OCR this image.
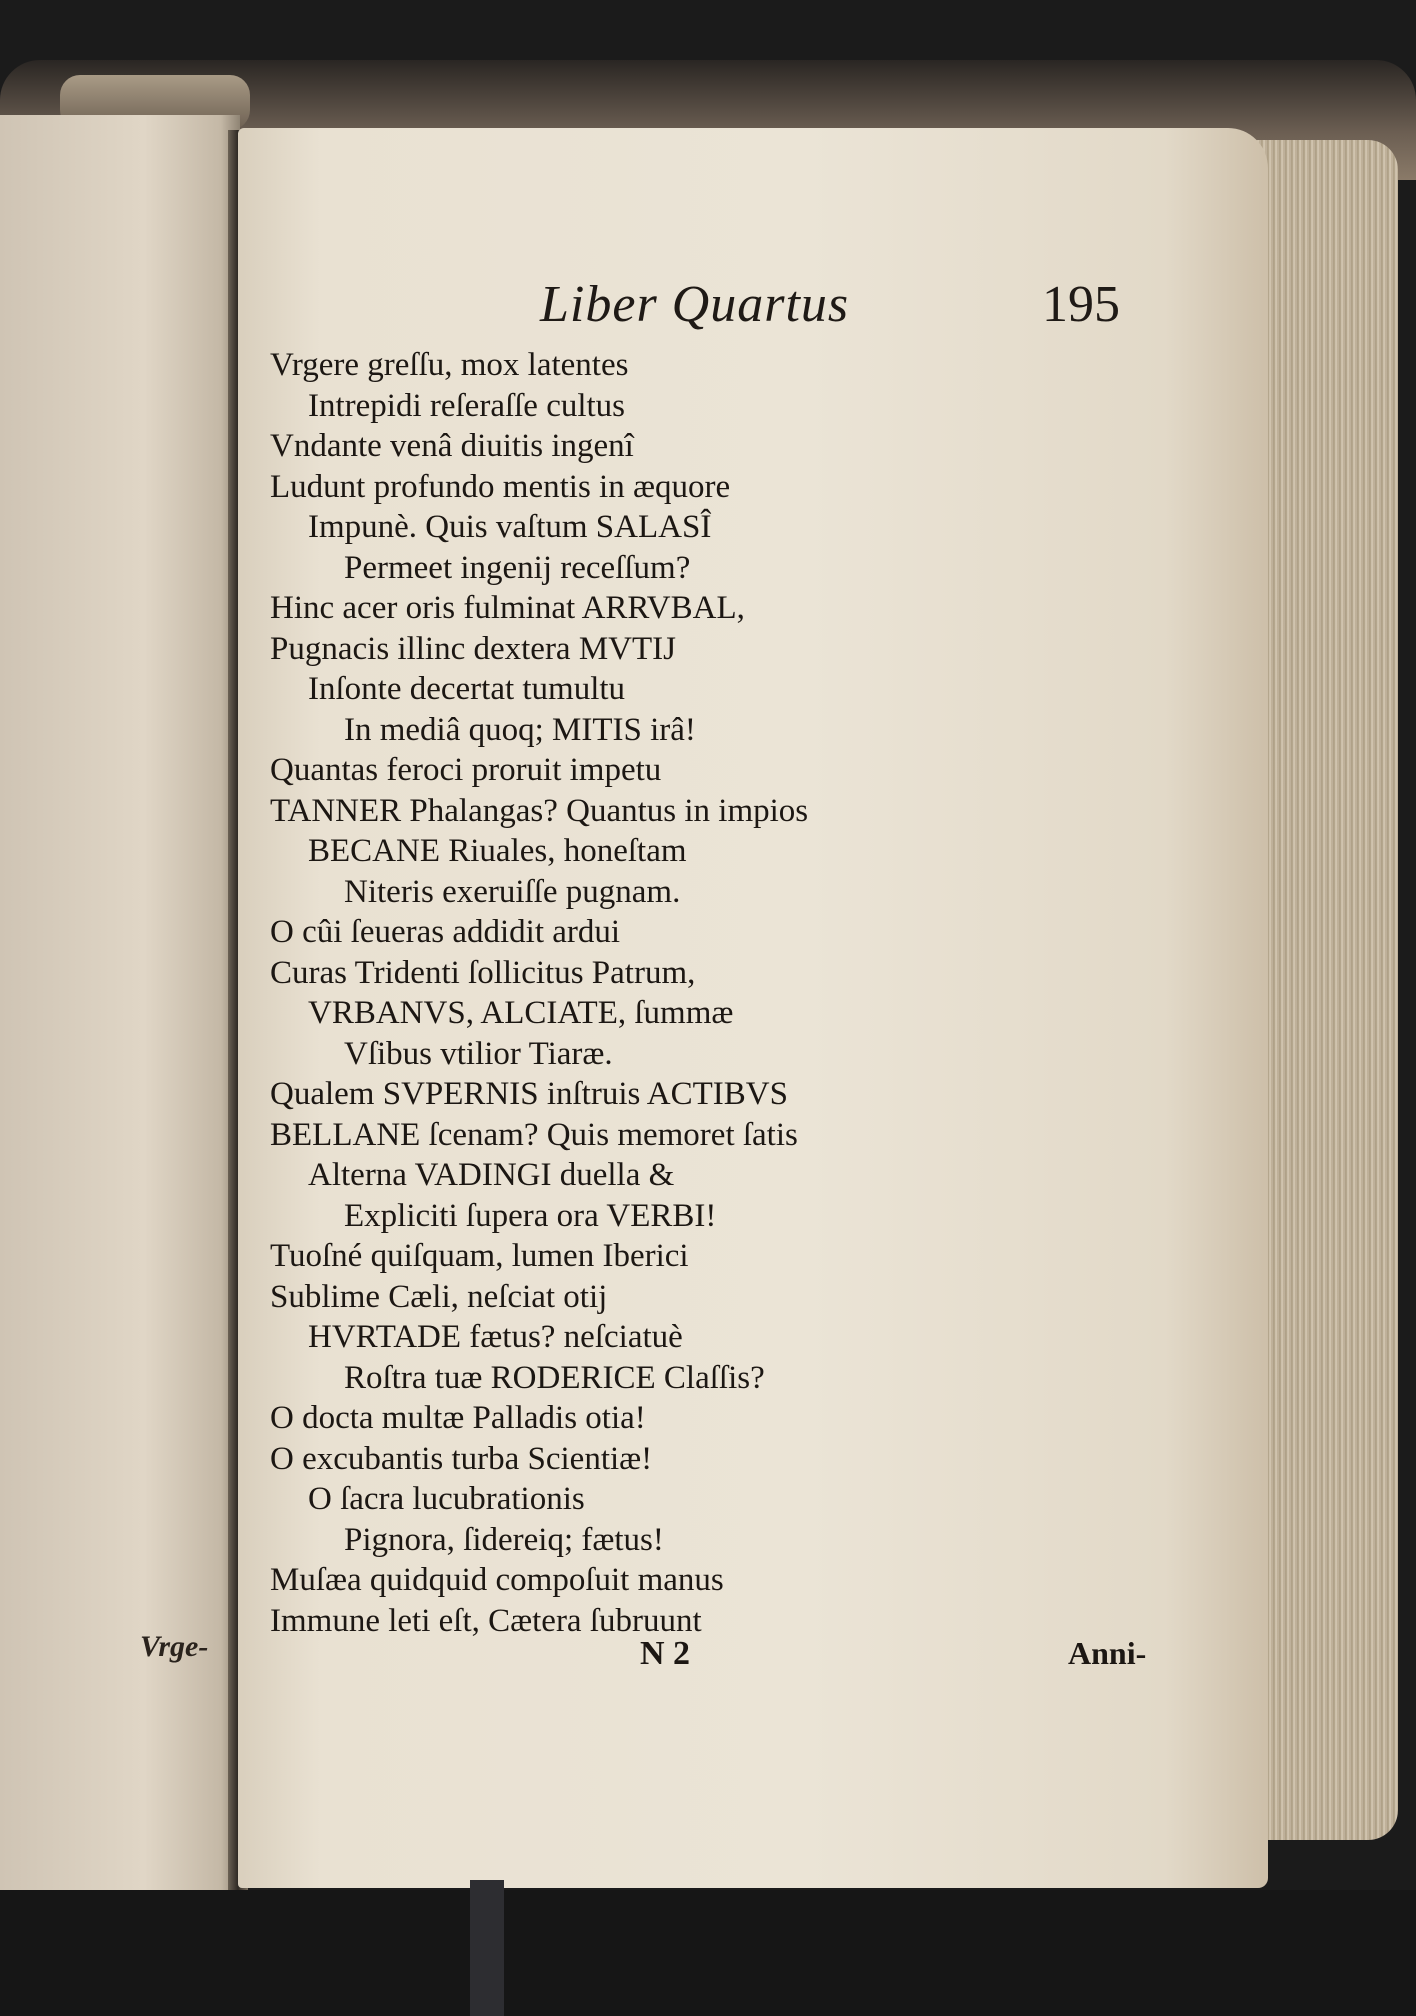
Vrge-
Liber Quartus	195
Vrgere greſſu, mox latentes
Intrepidi reſeraſſe cultus
Vndante venâ diuitis ingenî
Ludunt profundo mentis in æquore
Impunè. Quis vaſtum SALASÎ
Permeet ingenij receſſum?
Hinc acer oris fulminat ARRVBAL,
Pugnacis illinc dextera MVTIJ
Inſonte decertat tumultu
In mediâ quoq; MITIS irâ!
Quantas feroci proruit impetu
TANNER Phalangas? Quantus in impios
BECANE Riuales, honeſtam
Niteris exeruiſſe pugnam.
O cûi ſeueras addidit ardui
Curas Tridenti ſollicitus Patrum,
VRBANVS, ALCIATE, ſummæ
Vſibus vtilior Tiaræ.
Qualem SVPERNIS inſtruis ACTIBVS
BELLANE ſcenam? Quis memoret ſatis
Alterna VADINGI duella &
Expliciti ſupera ora VERBI!
Tuoſné quiſquam, lumen Iberici
Sublime Cæli, neſciat otij
HVRTADE fætus? neſciatuè
Roſtra tuæ RODERICE Claſſis?
O docta multæ Palladis otia!
O excubantis turba Scientiæ!
O ſacra lucubrationis
Pignora, ſidereiq; fætus!
Muſæa quidquid compoſuit manus
Immune leti eſt, Cætera ſubruunt
N 2	Anni-
